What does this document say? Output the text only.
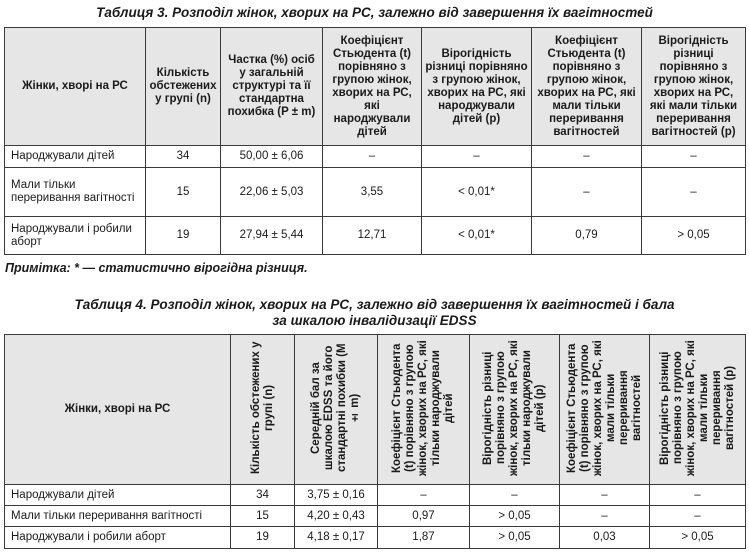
Таблиця 3. Розподіл жінок, хворих на РС, залежно від завершення їх вагітностей
Жінки, хворі на РС	Кількість обстежених у групі (n)	Частка (%) осіб у загальній структурі та її стандартна похибка (P ± m)	Коефіцієнт Стьюдента (t) порівняно з групою жінок, хворих на РС, які народжували дітей	Вірогідність різниці порівняно з групою жінок, хворих на РС, які народжували дітей (р)	Коефіцієнт Стьюдента (t) порівняно з групою жінок, хворих на РС, які мали тільки переривання вагітностей	Вірогідність різниці порівняно з групою жінок, хворих на РС, які мали тільки переривання вагітностей (р)
Народжували дітей	34	50,00 ± 6,06	–	–	–	–
Мали тільки переривання вагітності	15	22,06 ± 5,03	3,55	< 0,01*	–	–
Народжували і робили аборт	19	27,94 ± 5,44	12,71	< 0,01*	0,79	> 0,05
Примітка: * — статистично вірогідна різниця.
Таблиця 4. Розподіл жінок, хворих на РС, залежно від завершення їх вагітностей і бала
за шкалою інвалідизації EDSS
Жінки, хворі на РС	Кількість обстежених у групі (n)	Середній бал за шкалою EDSS та його стандартні похибки (М ± m)	Коефіцієнт Стьюдента (t) порівняно з групою жінок, хворих на РС, які тільки народжували дітей	Вірогідність різниці порівняно з групою жінок, хворих на РС, які тільки народжували дітей (р)	Коефіцієнт Стьюдента (t) порівняно з групою жінок, хворих на РС, які мали тільки переривання вагітностей	Вірогідність різниці порівняно з групою жінок, хворих на РС, які мали тільки переривання вагітностей (р)
Народжували дітей	34	3,75 ± 0,16	–	–	–	–
Мали тільки переривання вагітності	15	4,20 ± 0,43	0,97	> 0,05	–	–
Народжували і робили аборт	19	4,18 ± 0,17	1,87	> 0,05	0,03	> 0,05
